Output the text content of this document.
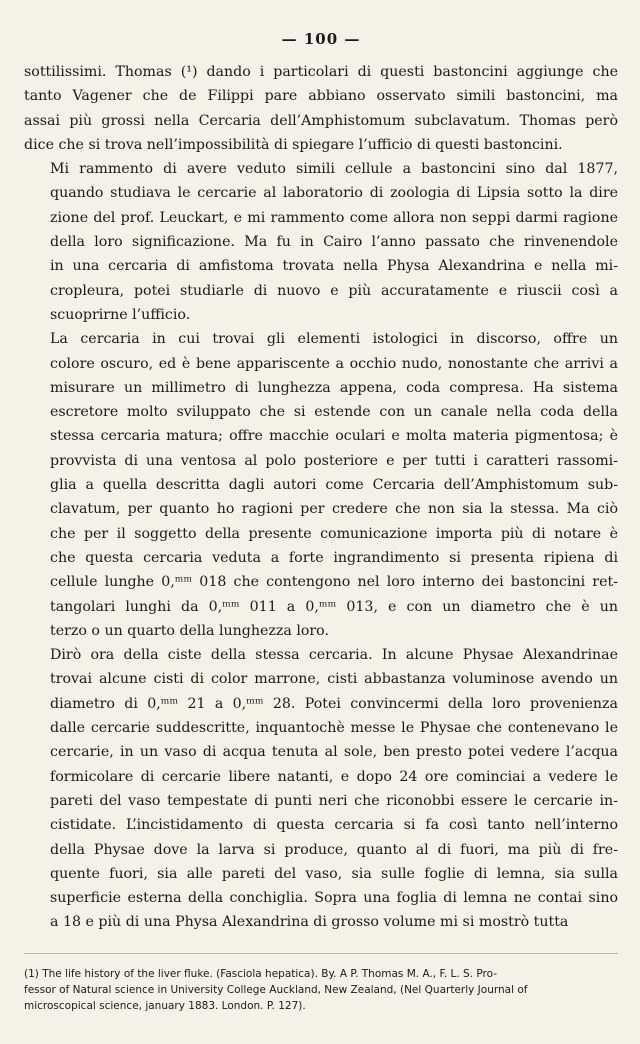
— 100 —
sottilissimi. Thomas (¹) dando i particolari di questi bastoncini aggiunge che
tanto Vagener che de Filippi pare abbiano osservato simili bastoncini, ma
assai più grossi nella Cercaria dell’Amphistomum subclavatum. Thomas però
dice che si trova nell’impossibilità di spiegare l’ufficio di questi bastoncini.
Mi rammento di avere veduto simili cellule a bastoncini sino dal 1877,
quando studiava le cercarie al laboratorio di zoologia di Lipsia sotto la dire
zione del prof. Leuckart, e mi rammento come allora non seppi darmi ragione
della loro significazione. Ma fu in Cairo l’anno passato che rinvenendole
in una cercaria di amfistoma trovata nella Physa Alexandrina e nella mi-
cropleura, potei studiarle di nuovo e più accuratamente e riuscii così a
scuoprirne l’ufficio.
La cercaria in cui trovai gli elementi istologici in discorso, offre un
colore oscuro, ed è bene appariscente a occhio nudo, nonostante che arrivi a
misurare un millimetro di lunghezza appena, coda compresa. Ha sistema
escretore molto sviluppato che si estende con un canale nella coda della
stessa cercaria matura; offre macchie oculari e molta materia pigmentosa; è
provvista di una ventosa al polo posteriore e per tutti i caratteri rassomi-
glia a quella descritta dagli autori come Cercaria dell’Amphistomum sub-
clavatum, per quanto ho ragioni per credere che non sia la stessa. Ma ciò
che per il soggetto della presente comunicazione importa più di notare è
che questa cercaria veduta a forte ingrandimento si presenta ripiena di
cellule lunghe 0,ᵐᵐ 018 che contengono nel loro interno dei bastoncini ret-
tangolari lunghi da 0,ᵐᵐ 011 a 0,ᵐᵐ 013, e con un diametro che è un
terzo o un quarto della lunghezza loro.
Dirò ora della ciste della stessa cercaria. In alcune Physae Alexandrinae
trovai alcune cisti di color marrone, cisti abbastanza voluminose avendo un
diametro di 0,ᵐᵐ 21 a 0,ᵐᵐ 28. Potei convincermi della loro provenienza
dalle cercarie suddescritte, inquantochè messe le Physae che contenevano le
cercarie, in un vaso di acqua tenuta al sole, ben presto potei vedere l’acqua
formicolare di cercarie libere natanti, e dopo 24 ore cominciai a vedere le
pareti del vaso tempestate di punti neri che riconobbi essere le cercarie in-
cistidate. L’incistidamento di questa cercaria si fa così tanto nell’interno
della Physae dove la larva si produce, quanto al di fuori, ma più di fre-
quente fuori, sia alle pareti del vaso, sia sulle foglie di lemna, sia sulla
superficie esterna della conchiglia. Sopra una foglia di lemna ne contai sino
a 18 e più di una Physa Alexandrina di grosso volume mi si mostrò tutta
(1) The life history of the liver fluke. (Fasciola hepatica). By. A P. Thomas M. A., F. L. S. Pro-
fessor of Natural science in University College Auckland, New Zealand, (Nel Quarterly Journal of
microscopical science, january 1883. London. P. 127).
